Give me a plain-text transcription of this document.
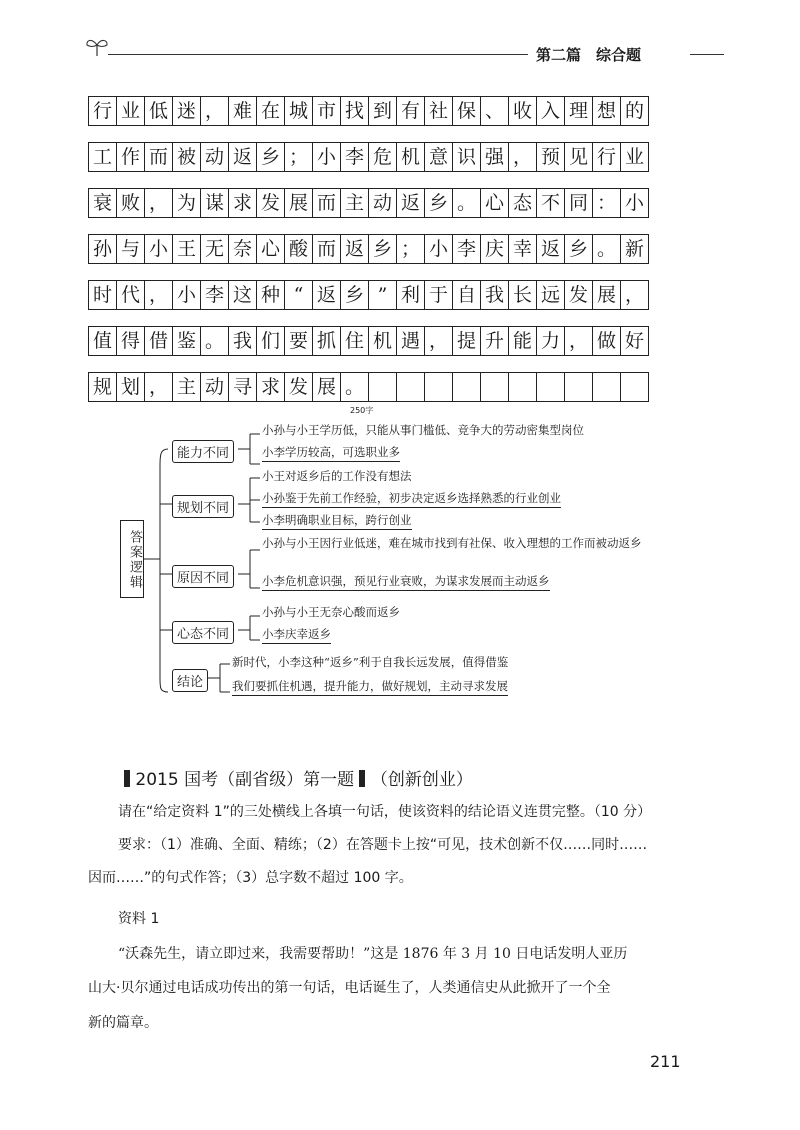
第二篇　综合题
行 业 低 迷 ， 难 在 城 市 找 到 有 社 保 、 收 入 理 想 的
工 作 而 被 动 返 乡 ； 小 李 危 机 意 识 强 ， 预 见 行 业
衰 败 ， 为 谋 求 发 展 而 主 动 返 乡 。 心 态 不 同 ： 小
孙 与 小 王 无 奈 心 酸 而 返 乡 ； 小 李 庆 幸 返 乡 。 新
时 代 ， 小 李 这 种 “ 返 乡 ” 利 于 自 我 长 远 发 展 ，
值 得 借 鉴 。 我 们 要 抓 住 机 遇 ， 提 升 能 力 ， 做 好
规 划 ， 主 动 寻 求 发 展 。
250字
答案逻辑
能力不同
小孙与小王学历低，只能从事门槛低、竞争大的劳动密集型岗位
小李学历较高，可选职业多
规划不同
小王对返乡后的工作没有想法
小孙鉴于先前工作经验，初步决定返乡选择熟悉的行业创业
小李明确职业目标，跨行创业
原因不同
小孙与小王因行业低迷，难在城市找到有社保、收入理想的工作而被动返乡
小李危机意识强，预见行业衰败，为谋求发展而主动返乡
心态不同
小孙与小王无奈心酸而返乡
小李庆幸返乡
结论
新时代，小李这种“返乡”利于自我长远发展，值得借鉴
我们要抓住机遇，提升能力，做好规划，主动寻求发展
2015 国考（副省级）第一题 （创新创业）
请在“给定资料 1”的三处横线上各填一句话，使该资料的结论语义连贯完整。（10 分）
要求：（1）准确、全面、精练；（2）在答题卡上按“可见，技术创新不仅……同时……
因而……”的句式作答；（3）总字数不超过 100 字。
资料 1
“沃森先生，请立即过来，我需要帮助！”这是 1876 年 3 月 10 日电话发明人亚历
山大·贝尔通过电话成功传出的第一句话，电话诞生了，人类通信史从此掀开了一个全
新的篇章。
211
